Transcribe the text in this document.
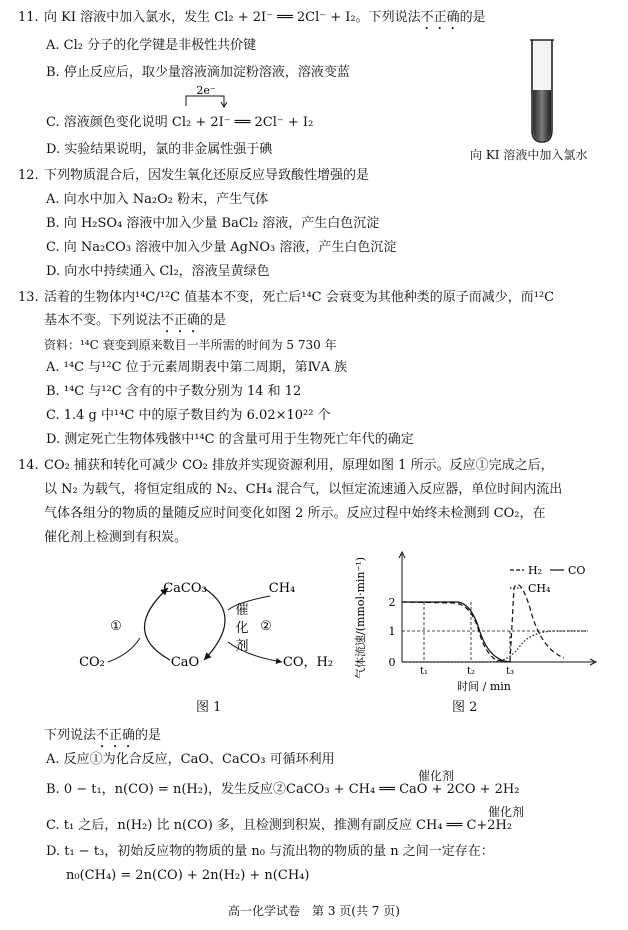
11. 向 KI 溶液中加入氯水，发生 Cl₂ + 2I⁻ ══ 2Cl⁻ + I₂。下列说法不正确的是
A. Cl₂ 分子的化学键是非极性共价键
B. 停止反应后，取少量溶液滴加淀粉溶液，溶液变蓝
2e⁻
C. 溶液颜色变化说明 Cl₂ + 2I⁻ ══ 2Cl⁻ + I₂
D. 实验结果说明，氯的非金属性强于碘	向 KI 溶液中加入氯水
12. 下列物质混合后，因发生氧化还原反应导致酸性增强的是
A. 向水中加入 Na₂O₂ 粉末，产生气体
B. 向 H₂SO₄ 溶液中加入少量 BaCl₂ 溶液，产生白色沉淀
C. 向 Na₂CO₃ 溶液中加入少量 AgNO₃ 溶液，产生白色沉淀
D. 向水中持续通入 Cl₂，溶液呈黄绿色
13. 活着的生物体内¹⁴C/¹²C 值基本不变，死亡后¹⁴C 会衰变为其他种类的原子而减少，而¹²C
基本不变。下列说法不正确的是
资料：¹⁴C 衰变到原来数目一半所需的时间为 5 730 年
A. ¹⁴C 与¹²C 位于元素周期表中第二周期，第ⅣA 族
B. ¹⁴C 与¹²C 含有的中子数分别为 14 和 12
C. 1.4 g 中¹⁴C 中的原子数目约为 6.02×10²² 个
D. 测定死亡生物体残骸中¹⁴C 的含量可用于生物死亡年代的确定
14. CO₂ 捕获和转化可减少 CO₂ 排放并实现资源利用，原理如图 1 所示。反应①完成之后，
以 N₂ 为载气，将恒定组成的 N₂、CH₄ 混合气，以恒定流速通入反应器，单位时间内流出
气体各组分的物质的量随反应时间变化如图 2 所示。反应过程中始终未检测到 CO₂，在
催化剂上检测到有积炭。
CaCO₃
CaO
CO₂
CH₄
CO，H₂
①	②
催
化
剂
图 1
气体流速/(mmol·min⁻¹) 0
1
2
t₁	t₂	t₃
时间 / min
H₂ CO
CH₄
图 2
下列说法不正确的是
A. 反应①为化合反应，CaO、CaCO₃ 可循环利用
催化剂
B. 0 − t₁，n(CO) = n(H₂)，发生反应②CaCO₃ + CH₄ ══ CaO + 2CO + 2H₂
催化剂
C. t₁ 之后，n(H₂) 比 n(CO) 多，且检测到积炭，推测有副反应 CH₄ ══ C+2H₂
D. t₁ − t₃，初始反应物的物质的量 n₀ 与流出物的物质的量 n 之间一定存在：
n₀(CH₄) = 2n(CO) + 2n(H₂) + n(CH₄)
高一化学试卷　第 3 页(共 7 页)
